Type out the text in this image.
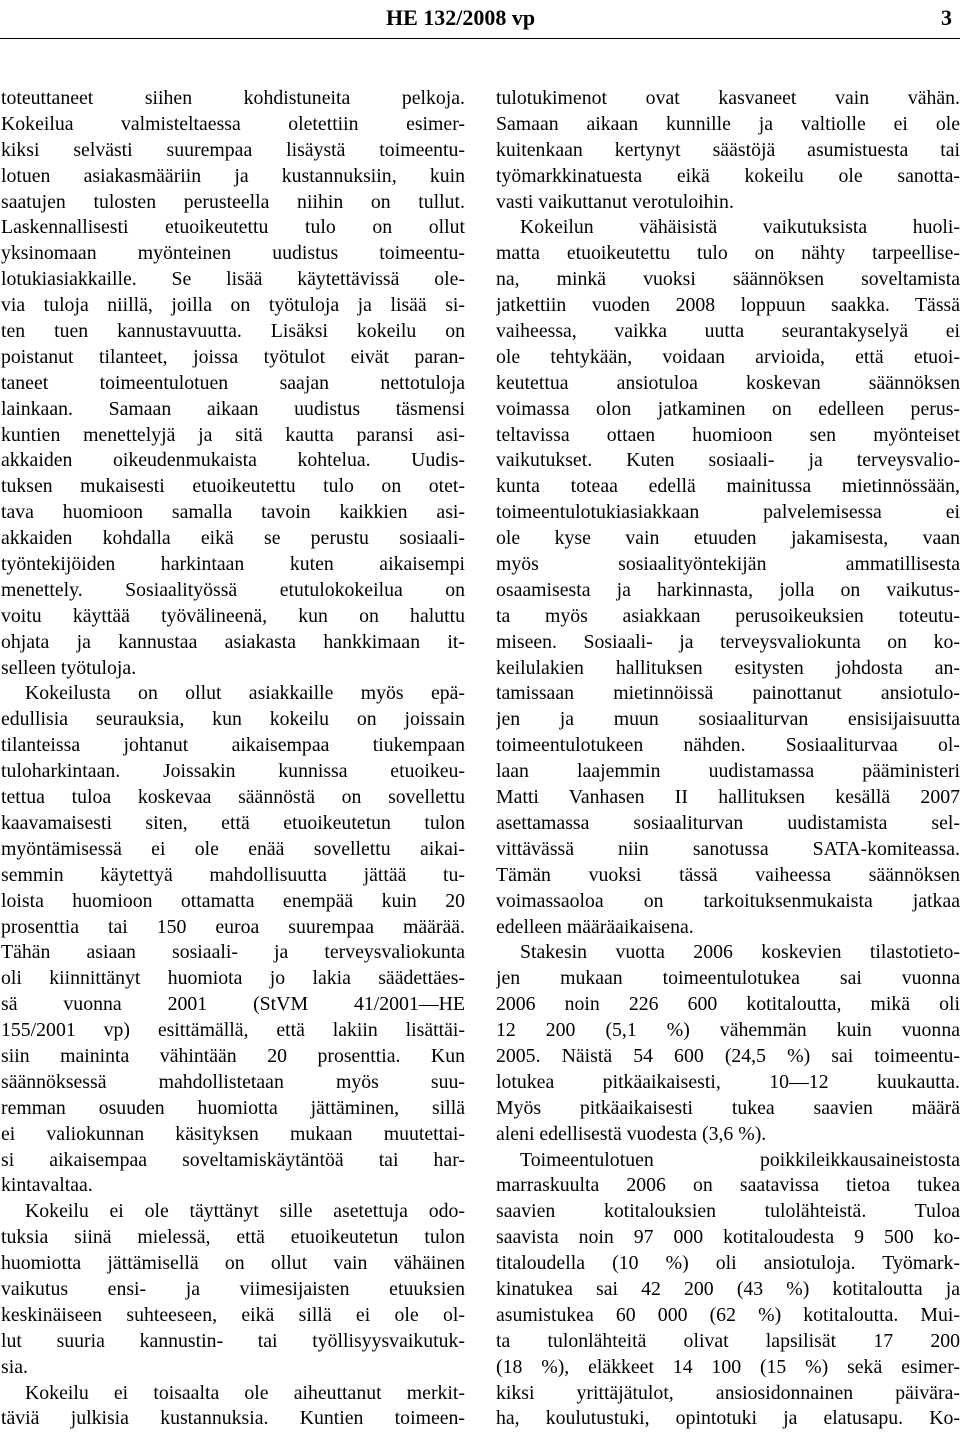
HE 132/2008 vp	3
toteuttaneet siihen kohdistuneita pelkoja.
Kokeilua valmisteltaessa oletettiin esimer-
kiksi selvästi suurempaa lisäystä toimeentu-
lotuen asiakasmääriin ja kustannuksiin, kuin
saatujen tulosten perusteella niihin on tullut.
Laskennallisesti etuoikeutettu tulo on ollut
yksinomaan myönteinen uudistus toimeentu-
lotukiasiakkaille. Se lisää käytettävissä ole-
via tuloja niillä, joilla on työtuloja ja lisää si-
ten tuen kannustavuutta. Lisäksi kokeilu on
poistanut tilanteet, joissa työtulot eivät paran-
taneet toimeentulotuen saajan nettotuloja
lainkaan. Samaan aikaan uudistus täsmensi
kuntien menettelyjä ja sitä kautta paransi asi-
akkaiden oikeudenmukaista kohtelua. Uudis-
tuksen mukaisesti etuoikeutettu tulo on otet-
tava huomioon samalla tavoin kaikkien asi-
akkaiden kohdalla eikä se perustu sosiaali-
työntekijöiden harkintaan kuten aikaisempi
menettely. Sosiaalityössä etutulokokeilua on
voitu käyttää työvälineenä, kun on haluttu
ohjata ja kannustaa asiakasta hankkimaan it-
selleen työtuloja.
Kokeilusta on ollut asiakkaille myös epä-
edullisia seurauksia, kun kokeilu on joissain
tilanteissa johtanut aikaisempaa tiukempaan
tuloharkintaan. Joissakin kunnissa etuoikeu-
tettua tuloa koskevaa säännöstä on sovellettu
kaavamaisesti siten, että etuoikeutetun tulon
myöntämisessä ei ole enää sovellettu aikai-
semmin käytettyä mahdollisuutta jättää tu-
loista huomioon ottamatta enempää kuin 20
prosenttia tai 150 euroa suurempaa määrää.
Tähän asiaan sosiaali- ja terveysvaliokunta
oli kiinnittänyt huomiota jo lakia säädettäes-
sä vuonna 2001 (StVM 41/2001—HE
155/2001 vp) esittämällä, että lakiin lisättäi-
siin maininta vähintään 20 prosenttia. Kun
säännöksessä mahdollistetaan myös suu-
remman osuuden huomiotta jättäminen, sillä
ei valiokunnan käsityksen mukaan muutettai-
si aikaisempaa soveltamiskäytäntöä tai har-
kintavaltaa.
Kokeilu ei ole täyttänyt sille asetettuja odo-
tuksia siinä mielessä, että etuoikeutetun tulon
huomiotta jättämisellä on ollut vain vähäinen
vaikutus ensi- ja viimesijaisten etuuksien
keskinäiseen suhteeseen, eikä sillä ei ole ol-
lut suuria kannustin- tai työllisyysvaikutuk-
sia.
Kokeilu ei toisaalta ole aiheuttanut merkit-
täviä julkisia kustannuksia. Kuntien toimeen-
tulotukimenot ovat kasvaneet vain vähän.
Samaan aikaan kunnille ja valtiolle ei ole
kuitenkaan kertynyt säästöjä asumistuesta tai
työmarkkinatuesta eikä kokeilu ole sanotta-
vasti vaikuttanut verotuloihin.
Kokeilun vähäisistä vaikutuksista huoli-
matta etuoikeutettu tulo on nähty tarpeellise-
na, minkä vuoksi säännöksen soveltamista
jatkettiin vuoden 2008 loppuun saakka. Tässä
vaiheessa, vaikka uutta seurantakyselyä ei
ole tehtykään, voidaan arvioida, että etuoi-
keutettua ansiotuloa koskevan säännöksen
voimassa olon jatkaminen on edelleen perus-
teltavissa ottaen huomioon sen myönteiset
vaikutukset. Kuten sosiaali- ja terveysvalio-
kunta toteaa edellä mainitussa mietinnössään,
toimeentulotukiasiakkaan palvelemisessa ei
ole kyse vain etuuden jakamisesta, vaan
myös sosiaalityöntekijän ammatillisesta
osaamisesta ja harkinnasta, jolla on vaikutus-
ta myös asiakkaan perusoikeuksien toteutu-
miseen. Sosiaali- ja terveysvaliokunta on ko-
keilulakien hallituksen esitysten johdosta an-
tamissaan mietinnöissä painottanut ansiotulo-
jen ja muun sosiaaliturvan ensisijaisuutta
toimeentulotukeen nähden. Sosiaaliturvaa ol-
laan laajemmin uudistamassa pääministeri
Matti Vanhasen II hallituksen kesällä 2007
asettamassa sosiaaliturvan uudistamista sel-
vittävässä niin sanotussa SATA-komiteassa.
Tämän vuoksi tässä vaiheessa säännöksen
voimassaoloa on tarkoituksenmukaista jatkaa
edelleen määräaikaisena.
Stakesin vuotta 2006 koskevien tilastotieto-
jen mukaan toimeentulotukea sai vuonna
2006 noin 226 600 kotitaloutta, mikä oli
12 200 (5,1 %) vähemmän kuin vuonna
2005. Näistä 54 600 (24,5 %) sai toimeentu-
lotukea pitkäaikaisesti, 10—12 kuukautta.
Myös pitkäaikaisesti tukea saavien määrä
aleni edellisestä vuodesta (3,6 %).
Toimeentulotuen poikkileikkausaineistosta
marraskuulta 2006 on saatavissa tietoa tukea
saavien kotitalouksien tulolähteistä. Tuloa
saavista noin 97 000 kotitaloudesta 9 500 ko-
titaloudella (10 %) oli ansiotuloja. Työmark-
kinatukea sai 42 200 (43 %) kotitaloutta ja
asumistukea 60 000 (62 %) kotitaloutta. Mui-
ta tulonlähteitä olivat lapsilisät 17 200
(18 %), eläkkeet 14 100 (15 %) sekä esimer-
kiksi yrittäjätulot, ansiosidonnainen päivära-
ha, koulutustuki, opintotuki ja elatusapu. Ko-
